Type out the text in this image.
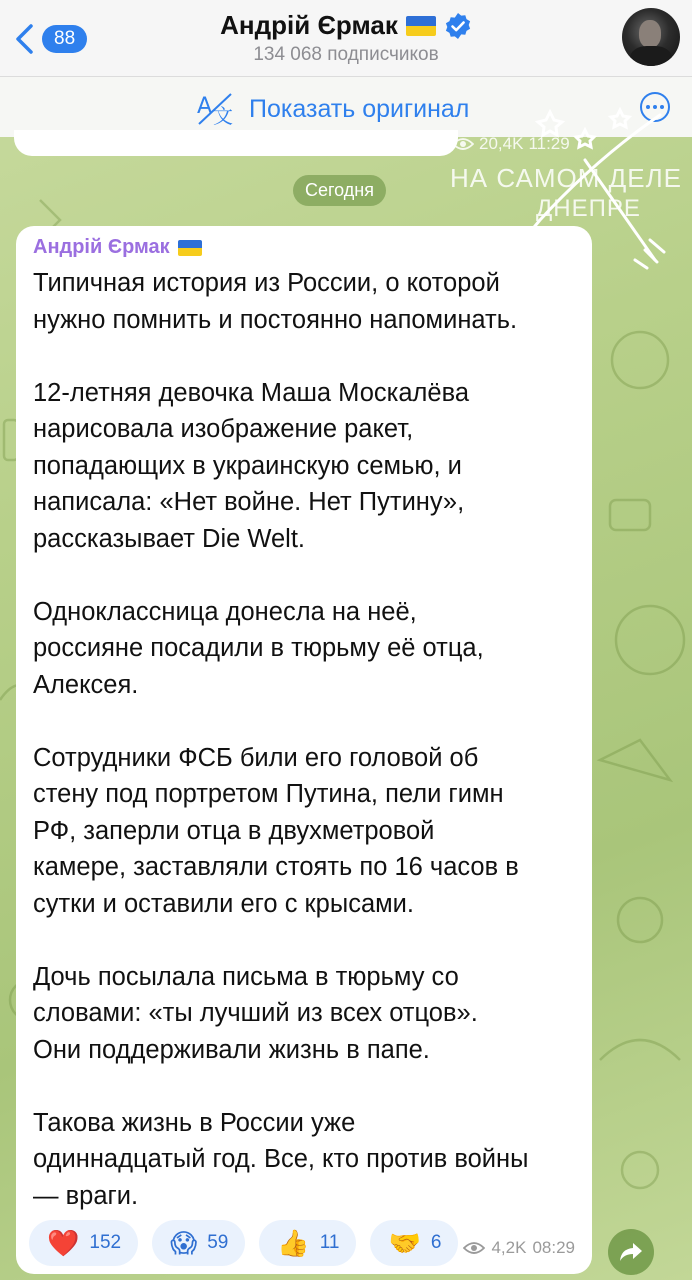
88	Андрій Єрмак
134 068 подписчиков
A 文 Показать оригинал
20,4K 11:29
НА САМОМ ДЕЛЕ
ДНЕПРЕ
Сегодня
Андрій Єрмак

Типичная история из России, о которой

нужно помнить и постоянно напоминать.

12-летняя девочка Маша Москалёва

нарисовала изображение ракет,

попадающих в украинскую семью, и

написала: «Нет войне. Нет Путину»,

рассказывает Die Welt.

Одноклассница донесла на неё,

россияне посадили в тюрьму её отца,

Алексея.

Сотрудники ФСБ били его головой об

стену под портретом Путина, пели гимн

РФ, заперли отца в двухметровой

камере, заставляли стоять по 16 часов в

сутки и оставили его с крысами.

Дочь посылала письма в тюрьму со

словами: «ты лучший из всех отцов».

Они поддерживали жизнь в папе.

Такова жизнь в России уже

одиннадцатый год. Все, кто против войны

— враги.

❤️ 152 😱 59 👍 11 🤝 6	4,2K 08:29
